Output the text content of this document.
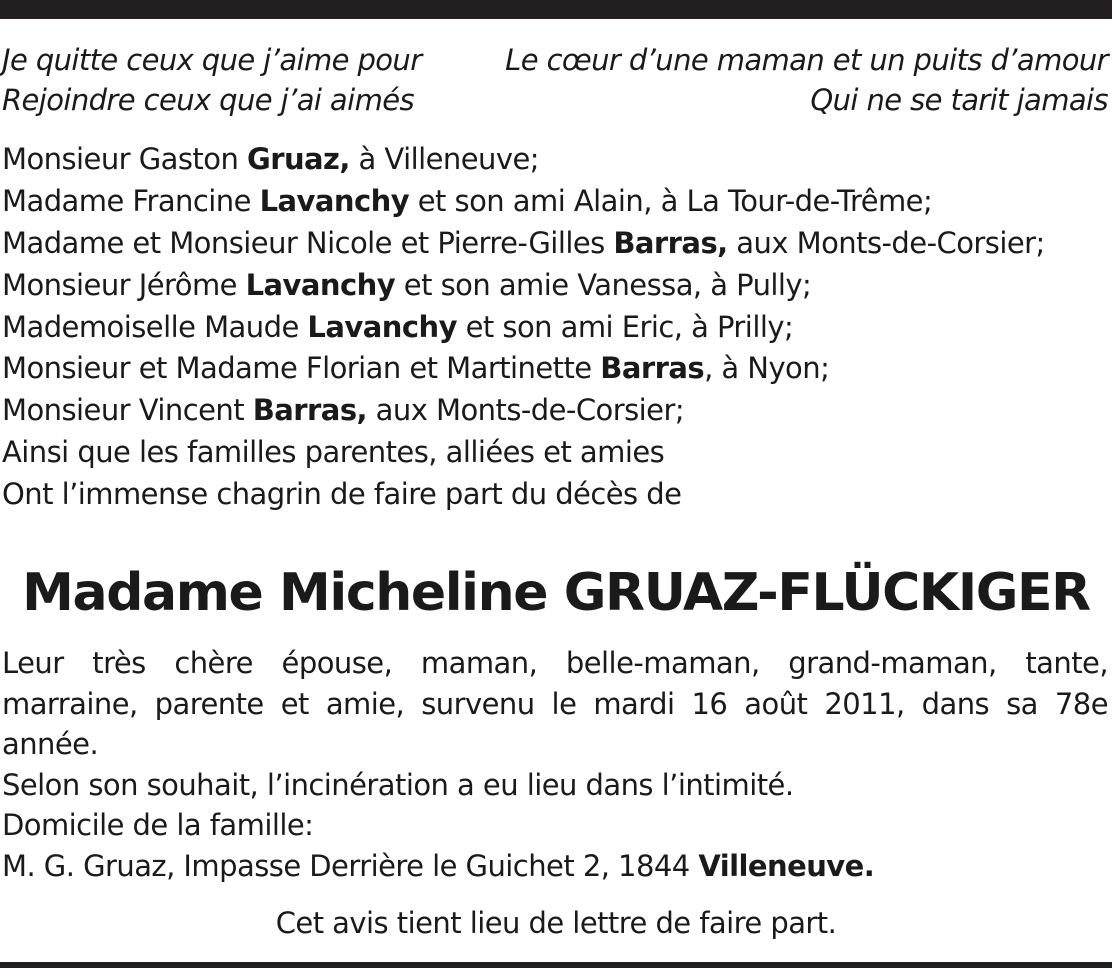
Je quitte ceux que j’aime pour
Rejoindre ceux que j’ai aimés
Le cœur d’une maman et un puits d’amour
Qui ne se tarit jamais
Monsieur Gaston Gruaz, à Villeneuve;
Madame Francine Lavanchy et son ami Alain, à La Tour-de-Trême;
Madame et Monsieur Nicole et Pierre-Gilles Barras, aux Monts-de-Corsier;
Monsieur Jérôme Lavanchy et son amie Vanessa, à Pully;
Mademoiselle Maude Lavanchy et son ami Eric, à Prilly;
Monsieur et Madame Florian et Martinette Barras, à Nyon;
Monsieur Vincent Barras, aux Monts-de-Corsier;
Ainsi que les familles parentes, alliées et amies
Ont l’immense chagrin de faire part du décès de
Madame Micheline GRUAZ-FLÜCKIGER
Leur très chère épouse, maman, belle-maman, grand-maman, tante,
marraine, parente et amie, survenu le mardi 16 août 2011, dans sa 78e
année.
Selon son souhait, l’incinération a eu lieu dans l’intimité.
Domicile de la famille:
M. G. Gruaz, Impasse Derrière le Guichet 2, 1844 Villeneuve.
Cet avis tient lieu de lettre de faire part.
